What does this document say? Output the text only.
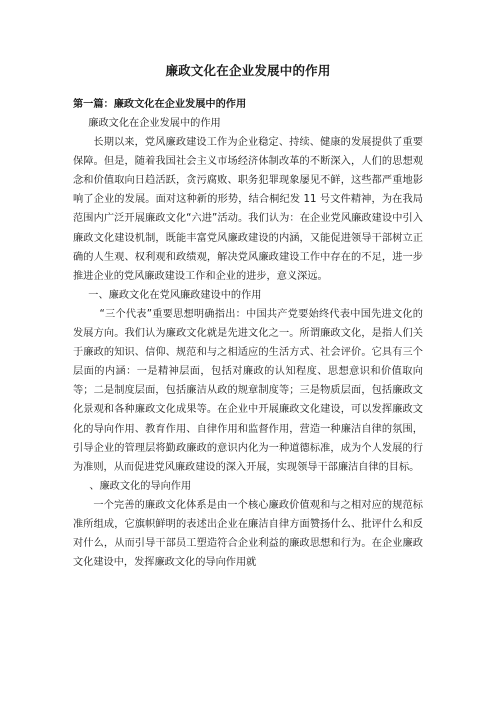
廉政文化在企业发展中的作用
第一篇：廉政文化在企业发展中的作用

廉政文化在企业发展中的作用

长期以来，党风廉政建设工作为企业稳定、持续、健康的发展提供了重要保障。但是，随着我国社会主义市场经济体制改革的不断深入，人们的思想观念和价值取向日趋活跃，贪污腐败、职务犯罪现象屡见不鲜，这些都严重地影响了企业的发展。面对这种新的形势，结合桐纪发 11 号文件精神，为在我局范围内广泛开展廉政文化“六进”活动。我们认为：在企业党风廉政建设中引入廉政文化建设机制，既能丰富党风廉政建设的内涵，又能促进领导干部树立正确的人生观、权利观和政绩观，解决党风廉政建设工作中存在的不足，进一步推进企业的党风廉政建设工作和企业的进步，意义深远。

一、廉政文化在党风廉政建设中的作用

“三个代表”重要思想明确指出：中国共产党要始终代表中国先进文化的发展方向。我们认为廉政文化就是先进文化之一。所谓廉政文化，是指人们关于廉政的知识、信仰、规范和与之相适应的生活方式、社会评价。它具有三个层面的内涵：一是精神层面，包括对廉政的认知程度、思想意识和价值取向等；二是制度层面，包括廉洁从政的规章制度等；三是物质层面，包括廉政文化景观和各种廉政文化成果等。在企业中开展廉政文化建设，可以发挥廉政文化的导向作用、教育作用、自律作用和监督作用，营造一种廉洁自律的氛围，引导企业的管理层将勤政廉政的意识内化为一种道德标准，成为个人发展的行为准则，从而促进党风廉政建设的深入开展，实现领导干部廉洁自律的目标。

、廉政文化的导向作用

一个完善的廉政文化体系是由一个核心廉政价值观和与之相对应的规范标准所组成，它旗帜鲜明的表述出企业在廉洁自律方面赞扬什么、批评什么和反对什么，从而引导干部员工塑造符合企业利益的廉政思想和行为。在企业廉政文化建设中，发挥廉政文化的导向作用就
